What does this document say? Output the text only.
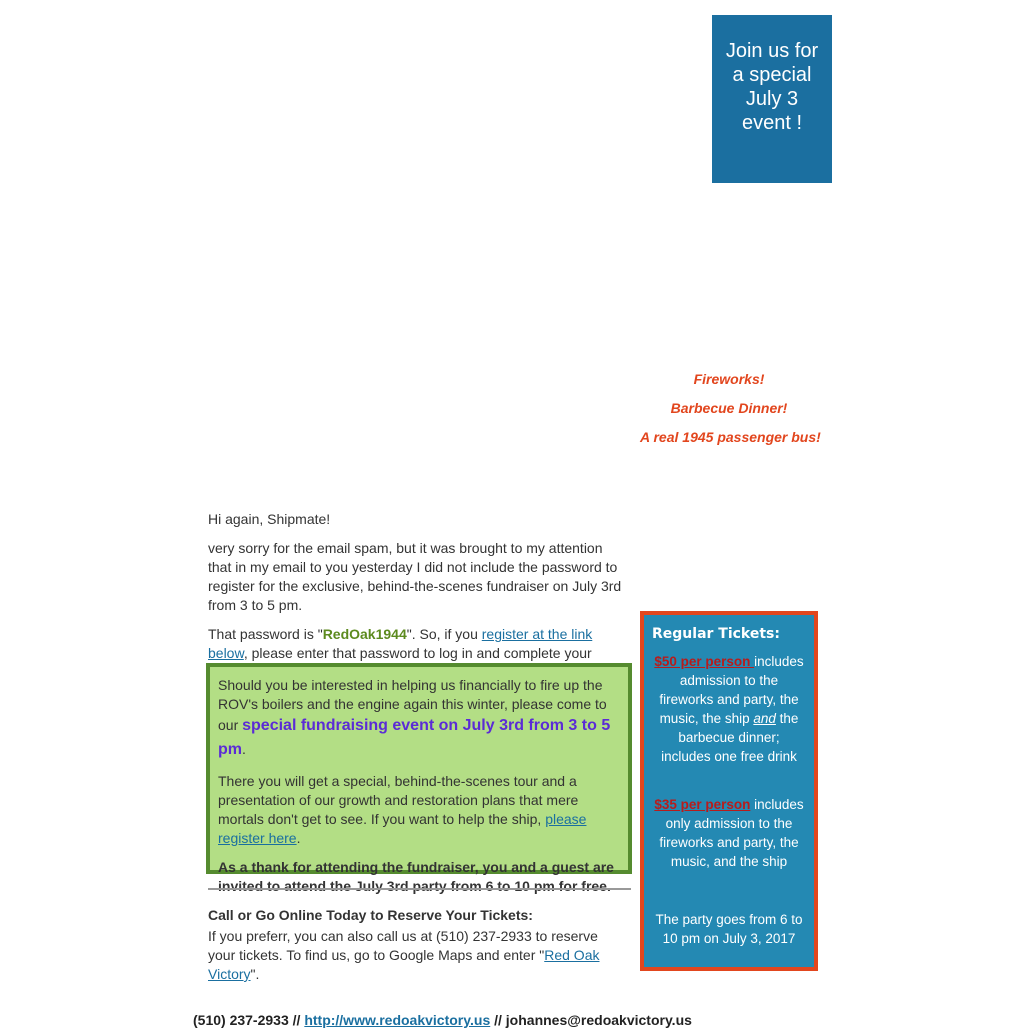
Join us for a special July 3 event !
Fireworks!
Barbecue Dinner!
A real 1945 passenger bus!

Hi again, Shipmate!

very sorry for the email spam, but it was brought to my attention that in my email to you yesterday I did not include the password to register for the exclusive, behind-the-scenes fundraiser on July 3rd from 3 to 5 pm.

That password is "RedOak1944". So, if you register at the link below, please enter that password to log in and complete your

Should you be interested in helping us financially to fire up the ROV's boilers and the engine again this winter, please come to our special fundraising event on July 3rd from 3 to 5 pm.

There you will get a special, behind-the-scenes tour and a presentation of our growth and restoration plans that mere mortals don't get to see. If you want to help the ship, please register here.

As a thank for attending the fundraiser, you and a guest are invited to attend the July 3rd party from 6 to 10 pm for free.

Call or Go Online Today to Reserve Your Tickets:
If you preferr, you can also call us at (510) 237-2933 to reserve your tickets. To find us, go to Google Maps and enter "Red Oak Victory".
Regular Tickets:
$50 per person includes admission to the fireworks and party, the music, the ship and the barbecue dinner; includes one free drink
$35 per person includes only admission to the fireworks and party, the music, and the ship
The party goes from 6 to 10 pm on July 3, 2017
(510) 237-2933 // http://www.redoakvictory.us // johannes@redoakvictory.us
